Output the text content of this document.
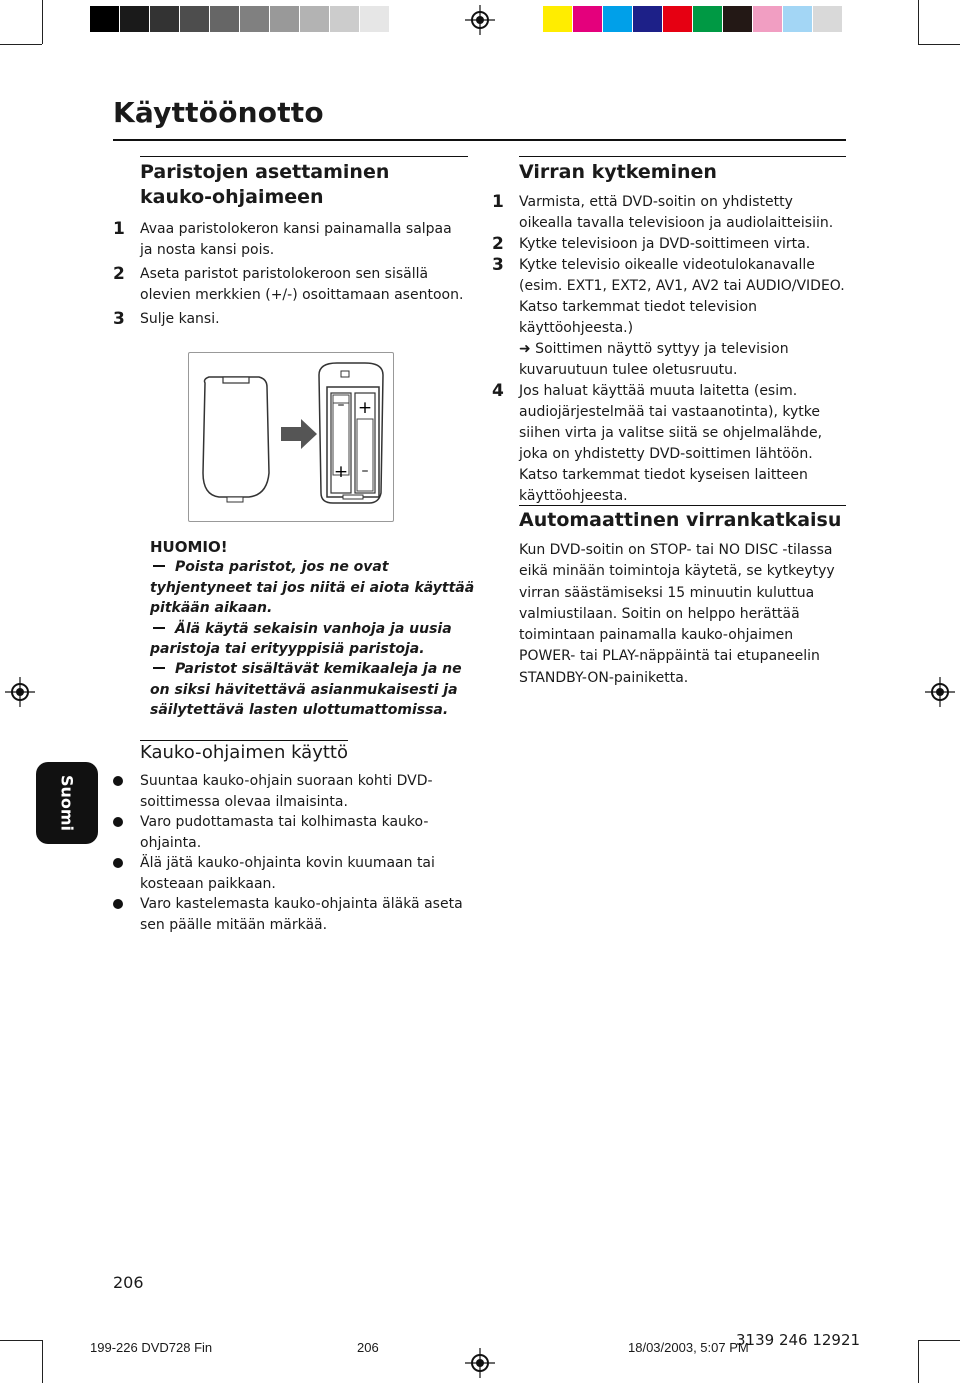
Käyttöönotto
Paristojen asettaminen kauko-ohjaimeen
1 Avaa paristolokeron kansi painamalla salpaa ja nosta kansi pois.
2 Aseta paristot paristolokeroon sen sisällä olevien merkkien (+/-) osoittamaan asentoon.
3 Sulje kansi.
– +
+ –
HUOMIO!
Poista paristot, jos ne ovat tyhjentyneet tai jos niitä ei aiota käyttää pitkään aikaan.
Älä käytä sekaisin vanhoja ja uusia paristoja tai erityyppisiä paristoja.
Paristot sisältävät kemikaaleja ja ne on siksi hävitettävä asianmukaisesti ja säilytettävä lasten ulottumattomissa.
Suomi
Kauko-ohjaimen käyttö
Suuntaa kauko-ohjain suoraan kohti DVD-soittimessa olevaa ilmaisinta.
Varo pudottamasta tai kolhimasta kauko-ohjainta.
Älä jätä kauko-ohjainta kovin kuumaan tai kosteaan paikkaan.
Varo kastelemasta kauko-ohjainta äläkä aseta sen päälle mitään märkää.
Virran kytkeminen
1 Varmista, että DVD-soitin on yhdistetty oikealla tavalla televisioon ja audiolaitteisiin.
2 Kytke televisioon ja DVD-soittimeen virta.
3 Kytke televisio oikealle videotulokanavalle (esim. EXT1, EXT2, AV1, AV2 tai AUDIO/VIDEO. Katso tarkemmat tiedot television käyttöohjeesta.)
➜ Soittimen näyttö syttyy ja television kuvaruutuun tulee oletusruutu.
4 Jos haluat käyttää muuta laitetta (esim. audiojärjestelmää tai vastaanotinta), kytke siihen virta ja valitse siitä se ohjelmalähde, joka on yhdistetty DVD-soittimen lähtöön. Katso tarkemmat tiedot kyseisen laitteen käyttöohjeesta.
Automaattinen virrankatkaisu
Kun DVD-soitin on STOP- tai NO DISC -tilassa eikä minään toimintoja käytetä, se kytkeytyy virran säästämiseksi 15 minuutin kuluttua valmiustilaan. Soitin on helppo herättää toimintaan painamalla kauko-ohjaimen POWER- tai PLAY-näppäintä tai etupaneelin STANDBY-ON-painiketta.
206
199-226 DVD728 Fin	206	18/03/2003, 5:07 PM
3139 246 12921
